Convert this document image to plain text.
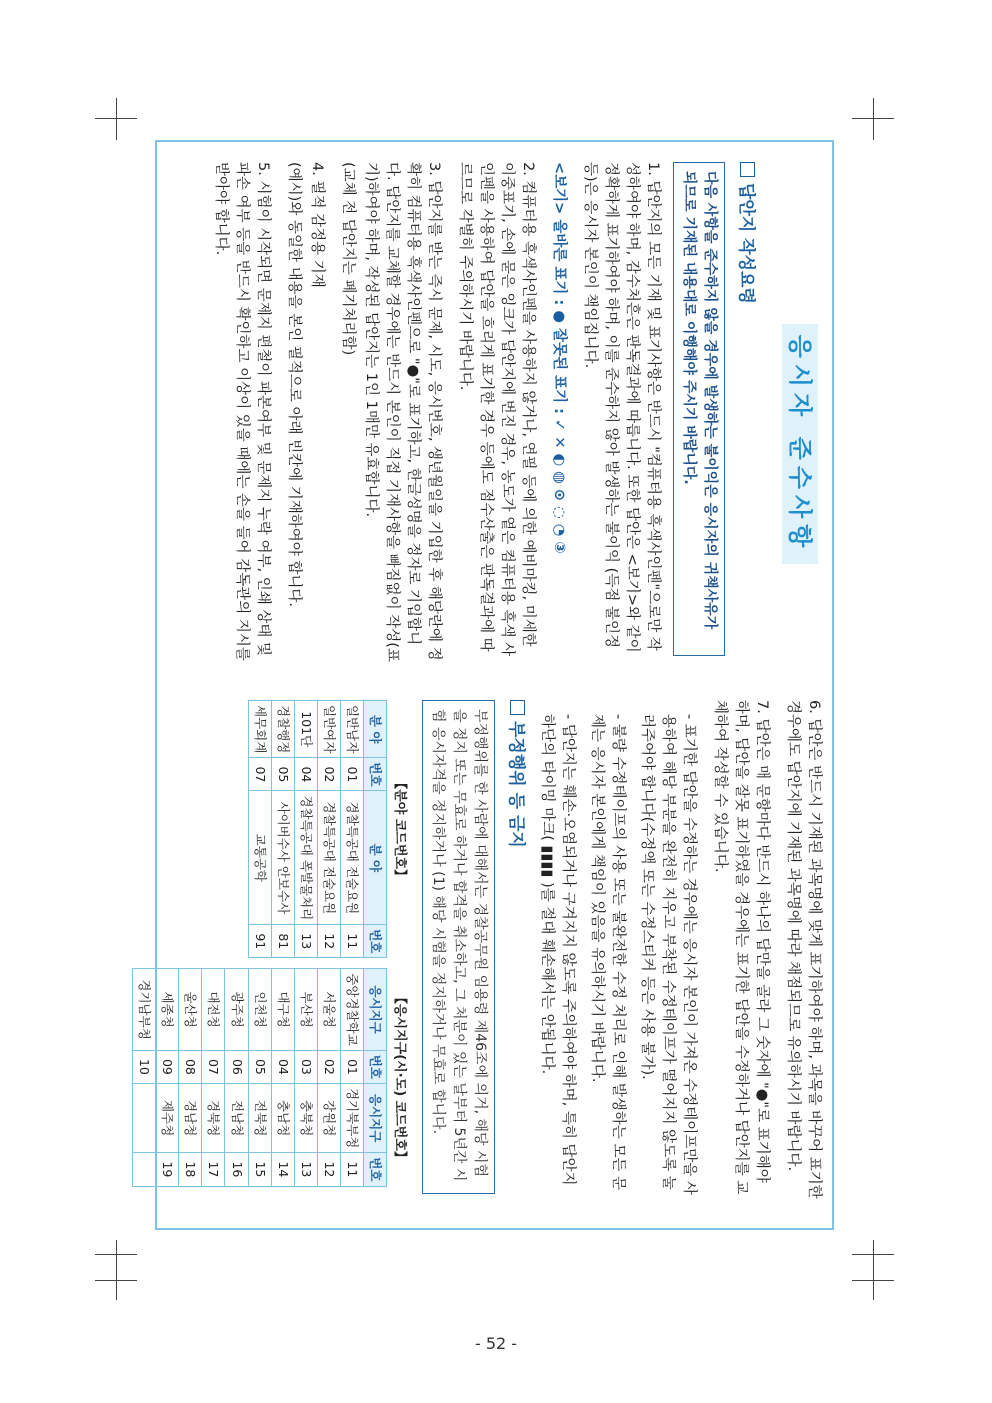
응시자 준수사항
답안지 작성요령
다음 사항을 준수하지 않을 경우에 발생하는 불이익은 응시자의 귀책사유가 되므로 기재된 내용대로 이행해야 주시기 바랍니다.
1. 답안지의 모든 기재 및 표기사항은 반드시 "컴퓨터용 흑색사인펜"으로만 작성하여야 하며, 감수처흔은 판독결과에 따릅니다. 또한 답안은 <보기>와 같이 정확하게 표기하여야 하며, 이를 준수하지 않아 발생하는 불이익 (득점 불인정 등)은 응시자 본인이 책임집니다.
<보기> 올바른 표기 : ● 잘못된 표기 : ✓ ✕ ◐ ◍ ⊙ ◌ ◔ ③
2. 컴퓨터용 흑색사인펜을 사용하지 않거나, 연필 등에 의한 예비마킹, 미세한 이중표기, 손에 묻은 잉크가 답안지에 번진 경우, 농도가 옅은 컴퓨터용 흑색 사인펜을 사용하여 답안을 흐리게 표기한 경우 등에도 점수산출은 판독결과에 따르므로 각별히 주의하시기 바랍니다.
3. 답안지를 받는 즉시 문제, 시도, 응시번호, 생년월일을 기입한 후 해당란에 정확히 컴퓨터용 흑색사인펜으로 "●"로 표기하고, 한글성명을 정자로 기입합니다. 답안지를 교체할 경우에는 반드시 본인이 직접 기재사항을 빠짐없이 작성(표기)하여야 하며, 작성된 답안지는 1인 1매만 유효합니다.
(교체 전 답안지는 폐기처리함)
4. 필적 감정용 기재
(예시)와 동일한 내용을 본인 필적으로 아래 빈칸에 기재하여야 합니다.
5. 시험이 시작되면 문제지 편철이 파본여부 및 문제지 누락 여부, 인쇄 상태 및 파손 여부 등을 반드시 확인하고 이상이 있을 때에는 손을 들어 감독관의 지시를 받아야 합니다.
6. 답안은 반드시 기재된 과목명에 맞게 표기하여야 하며, 과목을 바꾸어 표기한 경우에도 답안지에 기재된 과목명에 따라 채점되므로 유의하시기 바랍니다.
7. 답안은 매 문항마다 반드시 하나의 답만을 골라 그 숫자에 "●"로 표기해야 하며, 답안을 잘못 표기하였을 경우에는 표기한 답안을 수정하거나 답안지를 교체하여 작성할 수 있습니다.
- 표기한 답안을 수정하는 경우에는 응시자 본인이 가져온 수정테이프만을 사용하여 해당 부분을 완전히 지우고 부착된 수정테이프가 떨어지지 않도록 눌러주어야 합니다(수정액 또는 수정스티커 등은 사용 불가).
- 불량 수정테이프의 사용 또는 불완전한 수정 처리로 인해 발생하는 모든 문제는 응시자 본인에게 책임이 있음을 유의하시기 바랍니다.
- 답안지는 훼손·오염되거나 구겨지지 않도록 주의하여야 하며, 특히 답안지 하단의 타이밍 마크( ▮▮▮▮ )를 절대 훼손해서는 안됩니다.
부정행위 등 금지
부정행위를 한 사람에 대해서는 경찰공무원 임용령 제46조에 의거, 해당 시험을 정지 또는 무효로 하거나 합격을 취소하고, 그 처분이 있는 날부터 5년간 시험 응시자격을 정지하거나 (1) 해당 시험을 정지하거나 무효로 합니다.
【분야 코드번호】
분 야	번호	분 야	번호
일반남자	01	경찰특공대 전술요원	11
일반여자	02	경찰특공대 전술요원	12
101단	04	경찰특공대 폭발물처리	13
경찰행정	05	사이버수사 안보수사	81
세무회계	07	교통공학	91
【응시지구(시·도) 코드번호】
응시지구	번호	응시지구	번호
중앙경찰학교	01	경기북부청	11
서울청	02	강원청	12
부산청	03	충북청	13
대구청	04	충남청	14
인천청	05	전북청	15
광주청	06	전남청	16
대전청	07	경북청	17
울산청	08	경남청	18
세종청	09	제주청	19
경기남부청	10		
- 52 -
